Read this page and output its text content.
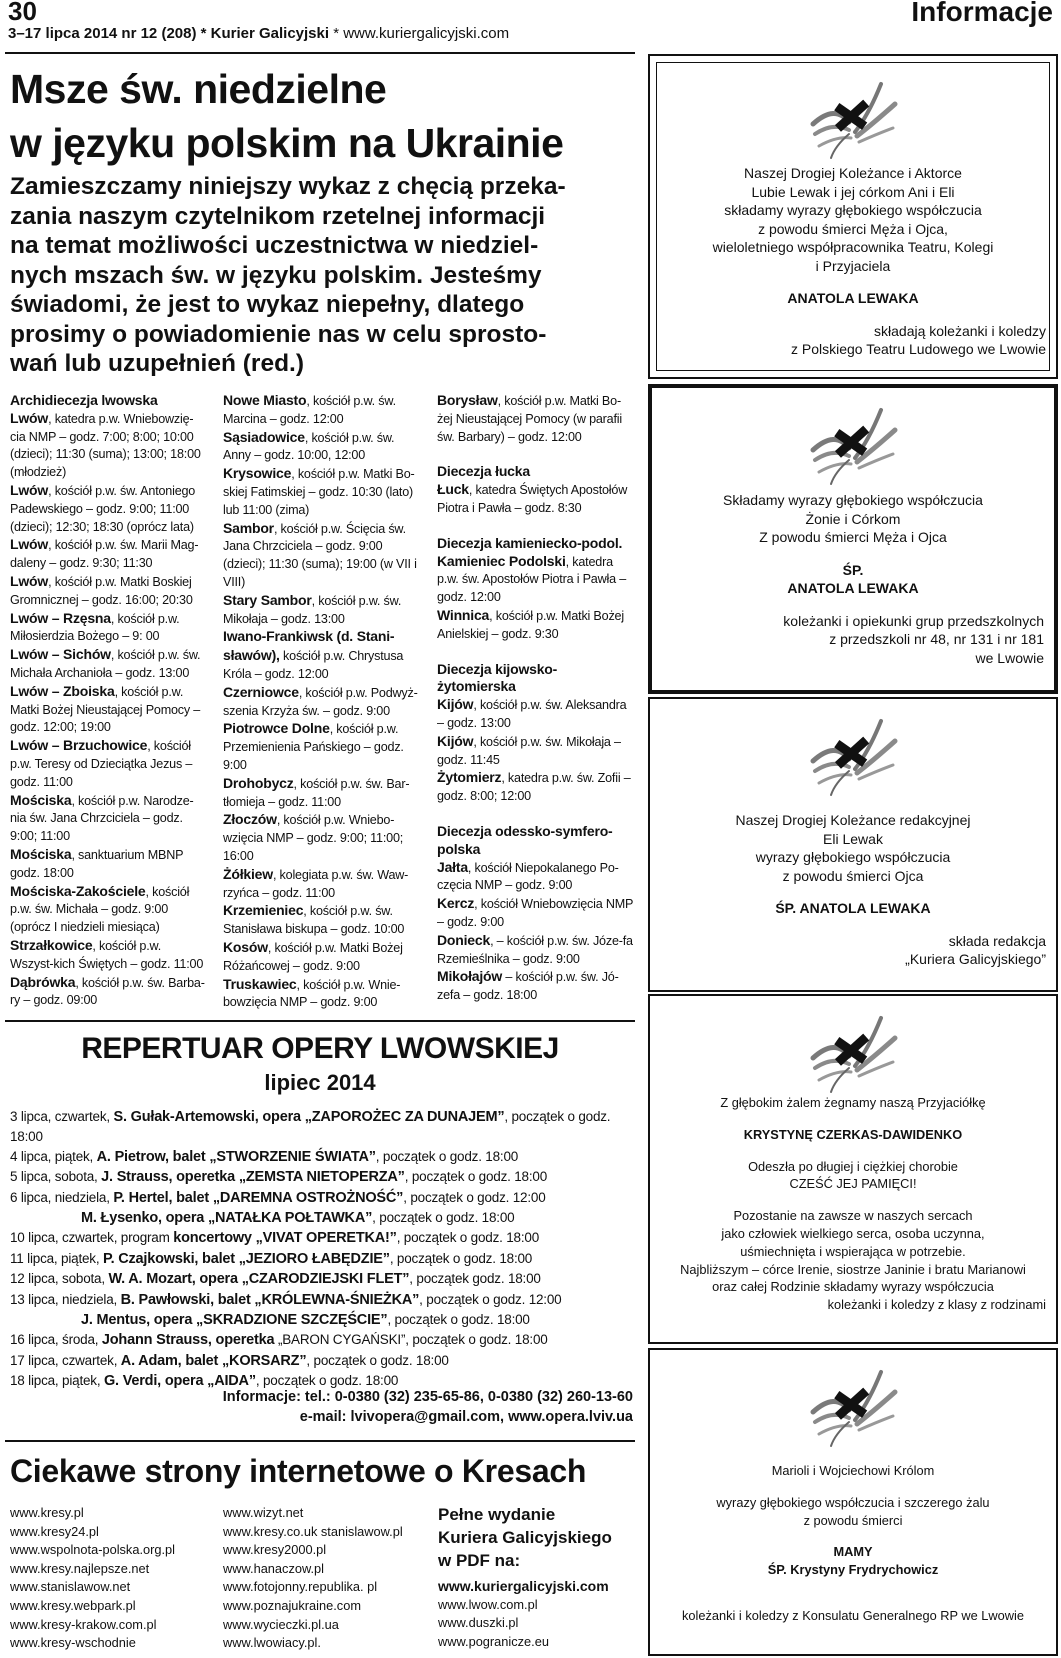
30
3–17 lipca 2014 nr 12 (208) * Kurier Galicyjski * www.kuriergalicyjski.com
Informacje
Msze św. niedzielne
w języku polskim na Ukrainie
Zamieszczamy niniejszy wykaz z chęcią przeka-
zania naszym czytelnikom rzetelnej informacji
na temat możliwości uczestnictwa w niedziel-
nych mszach św. w języku polskim. Jesteśmy
świadomi, że jest to wykaz niepełny, dlatego
prosimy o powiadomienie nas w celu sprosto-
wań lub uzupełnień (red.)

Archidiecezja lwowska

Lwów, katedra p.w. Wniebowzię-cia NMP – godz. 7:00; 8:00; 10:00 (dzieci); 11:30 (suma); 13:00; 18:00 (młodzież)

Lwów, kościół p.w. św. Antoniego Padewskiego – godz. 9:00; 11:00 (dzieci); 12:30; 18:30 (oprócz lata)

Lwów, kościół p.w. św. Marii Mag-daleny – godz. 9:30; 11:30

Lwów, kościół p.w. Matki Boskiej Gromnicznej – godz. 16:00; 20:30

Lwów – Rzęsna, kościół p.w. Miłosierdzia Bożego – 9: 00

Lwów – Sichów, kościół p.w. św. Michała Archanioła – godz. 13:00

Lwów – Zboiska, kościół p.w. Matki Bożej Nieustającej Pomocy – godz. 12:00; 19:00

Lwów – Brzuchowice, kościół p.w. Teresy od Dzieciątka Jezus – godz. 11:00

Mościska, kościół p.w. Narodze-nia św. Jana Chrzciciela – godz. 9:00; 11:00

Mościska, sanktuarium MBNP godz. 18:00

Mościska-Zakościele, kościół p.w. św. Michała – godz. 9:00 (oprócz I niedzieli miesiąca)

Strzałkowice, kościół p.w. Wszyst-kich Świętych – godz. 11:00

Dąbrówka, kościół p.w. św. Barba-ry – godz. 09:00

Nowe Miasto, kościół p.w. św. Marcina – godz. 12:00

Sąsiadowice, kościół p.w. św. Anny – godz. 10:00, 12:00

Krysowice, kościół p.w. Matki Bo-skiej Fatimskiej – godz. 10:30 (lato) lub 11:00 (zima)

Sambor, kościół p.w. Ścięcia św. Jana Chrzciciela – godz. 9:00 (dzieci); 11:30 (suma); 19:00 (w VII i VIII)

Stary Sambor, kościół p.w. św. Mikołaja – godz. 13:00

Iwano-Frankiwsk (d. Stani-sławów), kościół p.w. Chrystusa Króla – godz. 12:00

Czerniowce, kościół p.w. Podwyż-szenia Krzyża św. – godz. 9:00

Piotrowce Dolne, kościół p.w. Przemienienia Pańskiego – godz. 9:00

Drohobycz, kościół p.w. św. Bar-tłomieja – godz. 11:00

Złoczów, kościół p.w. Wniebo-wzięcia NMP – godz. 9:00; 11:00; 16:00

Żółkiew, kolegiata p.w. św. Waw-rzyńca – godz. 11:00

Krzemieniec, kościół p.w. św. Stanisława biskupa – godz. 10:00

Kosów, kościół p.w. Matki Bożej Różańcowej – godz. 9:00

Truskawiec, kościół p.w. Wnie-bowzięcia NMP – godz. 9:00

Borysław, kościół p.w. Matki Bo-żej Nieustającej Pomocy (w parafii św. Barbary) – godz. 12:00

Diecezja łucka

Łuck, katedra Świętych Apostołów Piotra i Pawła – godz. 8:30

Diecezja kamieniecko-podol.

Kamieniec Podolski, katedra p.w. św. Apostołów Piotra i Pawła – godz. 12:00

Winnica, kościół p.w. Matki Bożej Anielskiej – godz. 9:30

Diecezja kijowsko-żytomierska

Kijów, kościół p.w. św. Aleksandra – godz. 13:00

Kijów, kościół p.w. św. Mikołaja – godz. 11:45

Żytomierz, katedra p.w. św. Zofii – godz. 8:00; 12:00

Diecezja odessko-symfero-polska

Jałta, kościół Niepokalanego Po-częcia NMP – godz. 9:00

Kercz, kościół Wniebowzięcia NMP – godz. 9:00

Donieck, – kościół p.w. św. Józe-fa Rzemieślnika – godz. 9:00

Mikołajów – kościół p.w. św. Jó-zefa – godz. 18:00

REPERTUAR OPERY LWOWSKIEJ
lipiec 2014

3 lipca, czwartek, S. Gułak-Artemowski, opera „ZAPOROŻEC ZA DUNAJEM”, początek o godz. 18:00

4 lipca, piątek, A. Pietrow, balet „STWORZENIE ŚWIATA”, początek o godz. 18:00

5 lipca, sobota, J. Strauss, operetka „ZEMSTA NIETOPERZA”, początek o godz. 18:00

6 lipca, niedziela, P. Hertel, balet „DAREMNA OSTROŻNOŚĆ”, początek o godz. 12:00

M. Łysenko, opera „NATAŁKA POŁTAWKA”, początek o godz. 18:00

10 lipca, czwartek, program koncertowy „VIVAT OPERETKA!”, początek o godz. 18:00

11 lipca, piątek, P. Czajkowski, balet „JEZIORO ŁABĘDZIE”, początek o godz. 18:00

12 lipca, sobota, W. A. Mozart, opera „CZARODZIEJSKI FLET”, początek godz. 18:00

13 lipca, niedziela, B. Pawłowski, balet „KRÓLEWNA-ŚNIEŻKA”, początek o godz. 12:00

J. Mentus, opera „SKRADZIONE SZCZĘŚCIE”, początek o godz. 18:00

16 lipca, środa, Johann Strauss, operetka „BARON CYGAŃSKI”, początek o godz. 18:00

17 lipca, czwartek, A. Adam, balet „KORSARZ”, początek o godz. 18:00

18 lipca, piątek, G. Verdi, opera „AIDA”, początek o godz. 18:00

Informacje: tel.: 0-0380 (32) 235-65-86, 0-0380 (32) 260-13-60
e-mail: lvivopera@gmail.com, www.opera.lviv.ua
Ciekawe strony internetowe o Kresach

www.kresy.pl

www.kresy24.pl

www.wspolnota-polska.org.pl

www.kresy.najlepsze.net

www.stanislawow.net

www.kresy.webpark.pl

www.kresy-krakow.com.pl

www.kresy-wschodnie

www.wizyt.net

www.kresy.co.uk stanislawow.pl

www.kresy2000.pl

www.hanaczow.pl

www.fotojonny.republika. pl

www.poznajukraine.com

www.wycieczki.pl.ua

www.lwowiacy.pl.

Pełne wydanie
Kuriera Galicyjskiego
w PDF na:

www.kuriergalicyjski.com

www.lwow.com.pl

www.duszki.pl

www.pogranicze.eu

Naszej Drogiej Koleżance i Aktorce

Lubie Lewak i jej córkom Ani i Eli

składamy wyrazy głębokiego współczucia

z powodu śmierci Męża i Ojca,

wieloletniego współpracownika Teatru, Kolegi

i Przyjaciela

ANATOLA LEWAKA

składają koleżanki i koledzy

z Polskiego Teatru Ludowego we Lwowie

Składamy wyrazy głębokiego współczucia

Żonie i Córkom

Z powodu śmierci Męża i Ojca

ŚP.

ANATOLA LEWAKA

koleżanki i opiekunki grup przedszkolnych

z przedszkoli nr 48, nr 131 i nr 181

we Lwowie

Naszej Drogiej Koleżance redakcyjnej

Eli Lewak

wyrazy głębokiego współczucia

z powodu śmierci Ojca

ŚP. ANATOLA LEWAKA

składa redakcja

„Kuriera Galicyjskiego”

Z głębokim żalem żegnamy naszą Przyjaciółkę

KRYSTYNĘ CZERKAS-DAWIDENKO

Odeszła po długiej i ciężkiej chorobie

CZEŚĆ JEJ PAMIĘCI!

Pozostanie na zawsze w naszych sercach

jako człowiek wielkiego serca, osoba uczynna,

uśmiechnięta i wspierająca w potrzebie.

Najbliższym – córce Irenie, siostrze Janinie i bratu Marianowi

oraz całej Rodzinie składamy wyrazy współczucia

koleżanki i koledzy z klasy z rodzinami

Marioli i Wojciechowi Królom

wyrazy głębokiego współczucia i szczerego żalu

z powodu śmierci

MAMY

ŚP. Krystyny Frydrychowicz

koleżanki i koledzy z Konsulatu Generalnego RP we Lwowie
